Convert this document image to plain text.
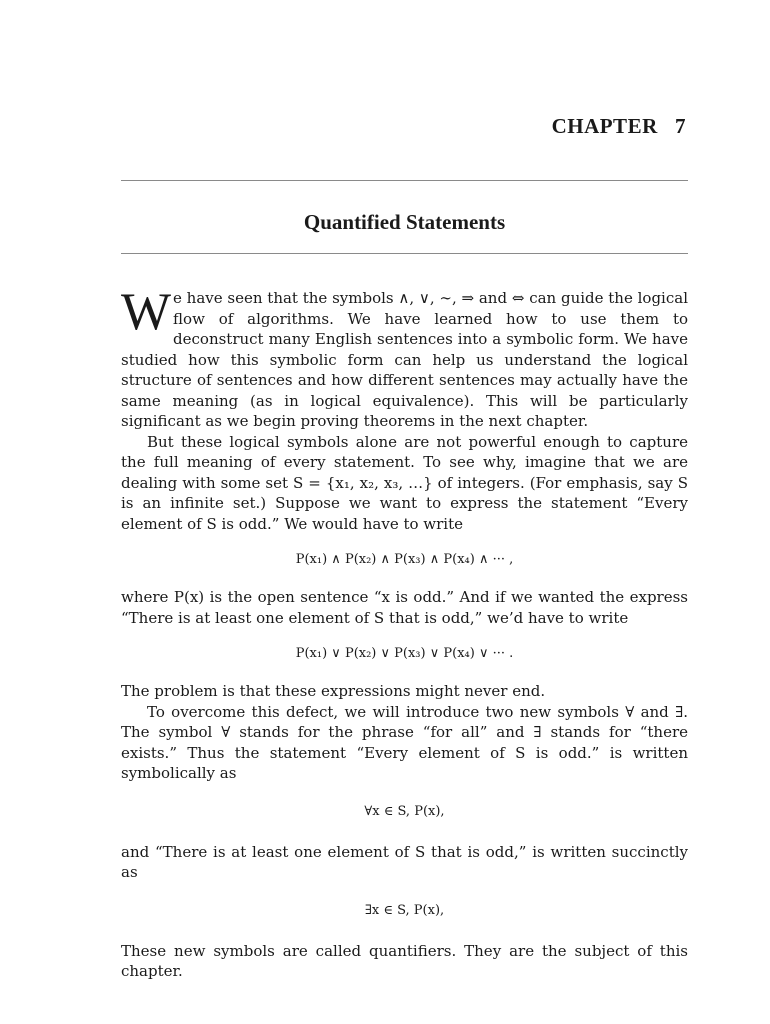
CHAPTER   7
Quantified Statements

We have seen that the symbols ∧, ∨, ∼, ⇒ and ⇔ can guide the logical flow of algorithms. We have learned how to use them to deconstruct many English sentences into a symbolic form. We have studied how this symbolic form can help us understand the logical structure of sentences and how different sentences may actually have the same meaning (as in logical equivalence). This will be particularly significant as we begin proving theorems in the next chapter.

But these logical symbols alone are not powerful enough to capture the full meaning of every statement. To see why, imagine that we are dealing with some set S = {x₁, x₂, x₃, …} of integers. (For emphasis, say S is an infinite set.) Suppose we want to express the statement “Every element of S is odd.” We would have to write

P(x₁) ∧ P(x₂) ∧ P(x₃) ∧ P(x₄) ∧ ··· ,

where P(x) is the open sentence “x is odd.” And if we wanted the express “There is at least one element of S that is odd,” we’d have to write

P(x₁) ∨ P(x₂) ∨ P(x₃) ∨ P(x₄) ∨ ··· .

The problem is that these expressions might never end.

To overcome this defect, we will introduce two new symbols ∀ and ∃. The symbol ∀ stands for the phrase “for all” and ∃ stands for “there exists.” Thus the statement “Every element of S is odd.” is written symbolically as

∀x ∈ S, P(x),

and “There is at least one element of S that is odd,” is written succinctly as

∃x ∈ S, P(x),

These new symbols are called quantifiers. They are the subject of this chapter.
